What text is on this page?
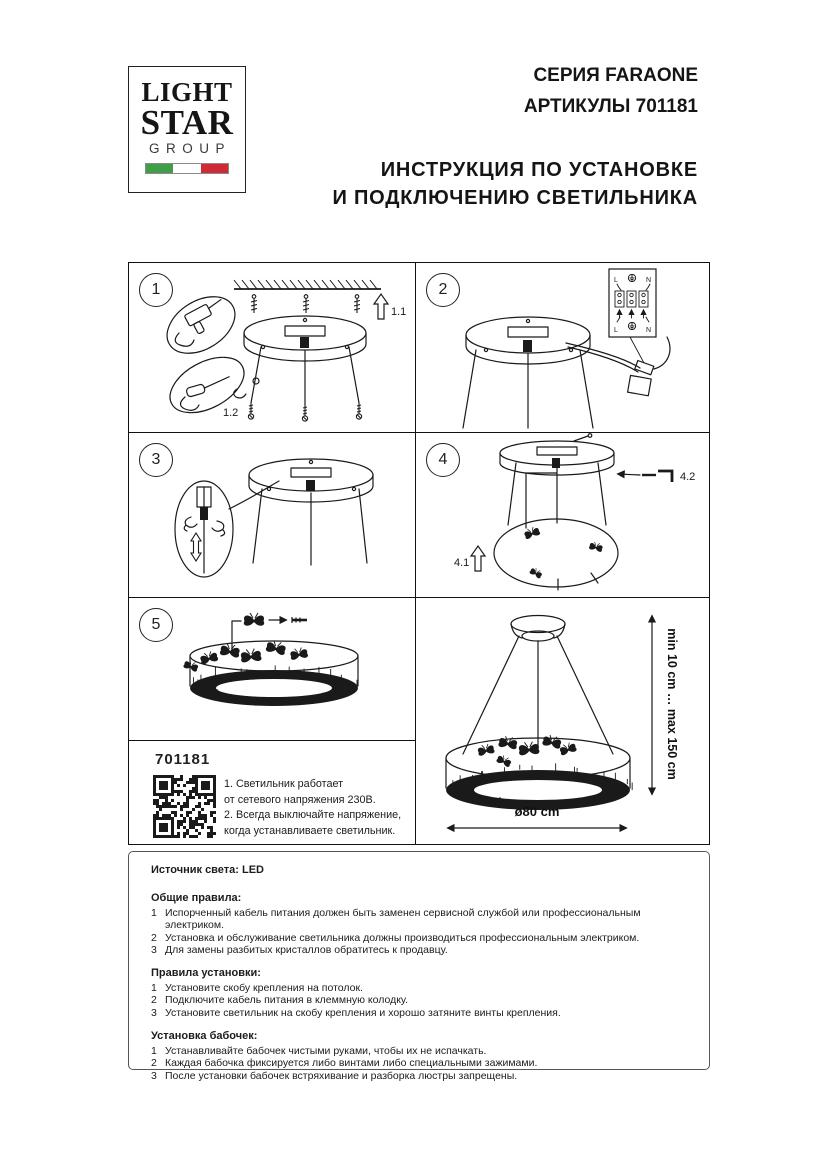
LIGHT
STAR
GROUP
СЕРИЯ FARAONE
АРТИКУЛЫ 701181
ИНСТРУКЦИЯ ПО УСТАНОВКЕ
И ПОДКЛЮЧЕНИЮ СВЕТИЛЬНИКА
1
1.1
1.2
2
L	N
L	N
3	4
4.1
4.2
5
701181
1. Светильник работает
от сетевого напряжения 230В.
2. Всегда выключайте напряжение,
когда устанавливаете светильник.
min 10 cm … max 150 cm
ø80 cm
Источник света: LED
Общие правила:
1 Испорченный кабель питания должен быть заменен сервисной службой или профессиональным электриком.
2 Установка и обслуживание светильника должны производиться профессиональным электриком.
3 Для замены разбитых кристаллов обратитесь к продавцу.
Правила установки:
1 Установите скобу крепления на потолок.
2 Подключите кабель питания в клеммную колодку.
3 Установите светильник на скобу крепления и хорошо затяните винты крепления.
Установка бабочек:
1 Устанавливайте бабочек чистыми руками, чтобы их не испачкать.
2 Каждая бабочка фиксируется либо винтами либо специальными зажимами.
3 После установки бабочек встряхивание и разборка люстры запрещены.
